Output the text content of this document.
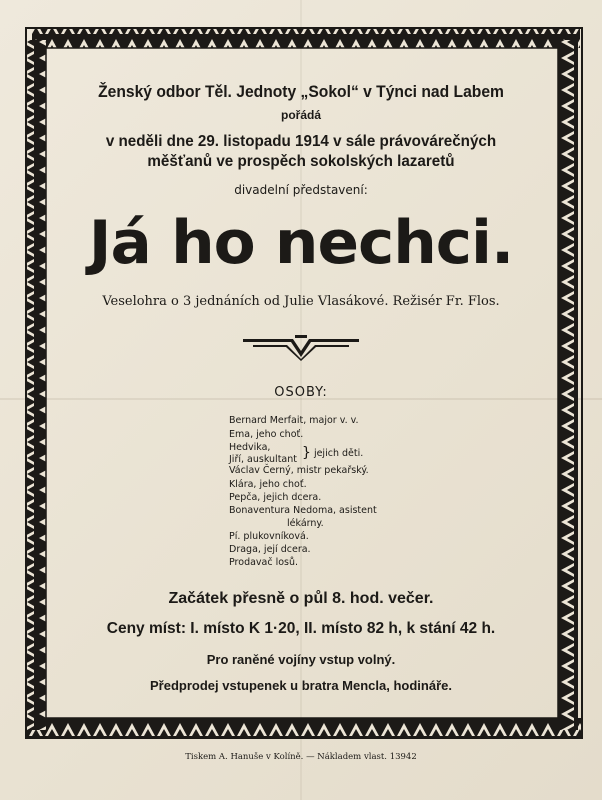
Ženský odbor Těl. Jednoty „Sokol“ v Týnci nad Labem
pořádá
v neděli dne 29. listopadu 1914 v sále právovárečných
měšťanů ve prospěch sokolských lazaretů
divadelní představení:
Já ho nechci.
Veselohra o 3 jednáních od Julie Vlasákové. Režisér Fr. Flos.
OSOBY:
Bernard Merfait, major v. v.
Ema, jeho choť.
Hedvika,
Jiří, auskultant
Václav Černý, mistr pekařský.
Klára, jeho choť.
Pepča, jejich dcera.
Bonaventura Nedoma, asistent
lékárny.
Pí. plukovníková.
Draga, její dcera.
Prodavač losů.
} jejich děti.
Začátek přesně o půl 8. hod. večer.
Ceny míst: I. místo K 1·20, II. místo 82 h, k stání 42 h.
Pro raněné vojíny vstup volný.
Předprodej vstupenek u bratra Mencla, hodináře.
Tiskem A. Hanuše v Kolíně. — Nákladem vlast. 13942
